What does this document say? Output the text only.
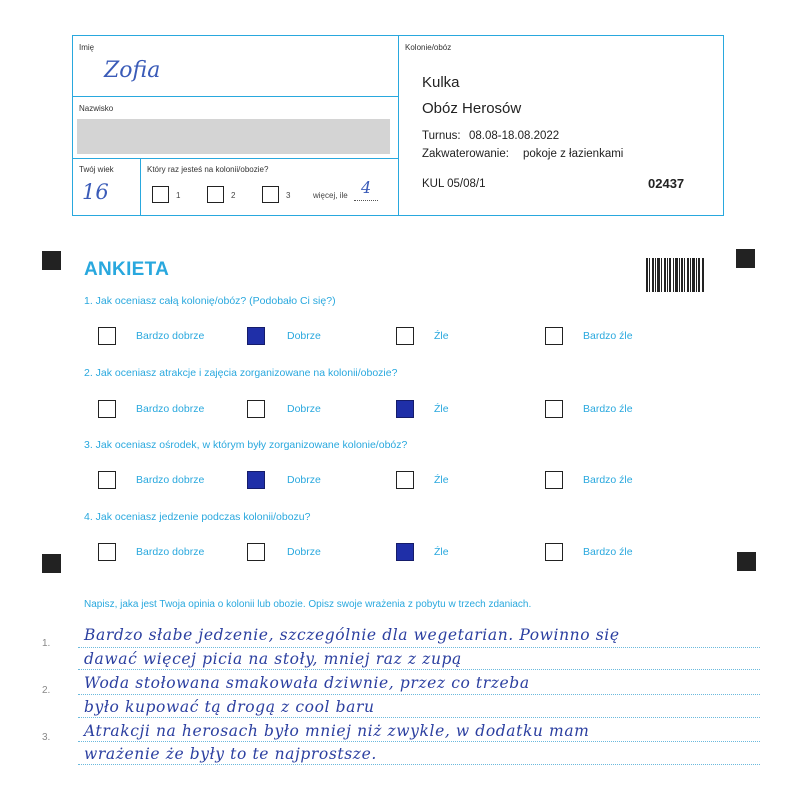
Imię
Zofia
Nazwisko
Twój wiek
16
Który raz jesteś na kolonii/obozie?
1	2	3	więcej, ile 4
Kolonie/obóz
Kulka
Obóz Herosów
Turnus: 08.08-18.08.2022
Zakwaterowanie: pokoje z łazienkami
KUL 05/08/1	02437
ANKIETA
1. Jak oceniasz całą kolonię/obóz? (Podobało Ci się?)
Bardzo dobrze	Dobrze	Źle	Bardzo źle
2. Jak oceniasz atrakcje i zajęcia zorganizowane na kolonii/obozie?
Bardzo dobrze	Dobrze	Źle	Bardzo źle
3. Jak oceniasz ośrodek, w którym były zorganizowane kolonie/obóz?
Bardzo dobrze	Dobrze	Źle	Bardzo źle
4. Jak oceniasz jedzenie podczas kolonii/obozu?
Bardzo dobrze	Dobrze	Źle	Bardzo źle
Napisz, jaka jest Twoja opinia o kolonii lub obozie. Opisz swoje wrażenia z pobytu w trzech zdaniach.
1.
2.
3.
Bardzo słabe jedzenie, szczególnie dla wegetarian. Powinno się
dawać więcej picia na stoły, mniej raz z zupą
Woda stołowana smakowała dziwnie, przez co trzeba
było kupować tą drogą z cool baru
Atrakcji na herosach było mniej niż zwykle, w dodatku mam
wrażenie że były to te najprostsze.
